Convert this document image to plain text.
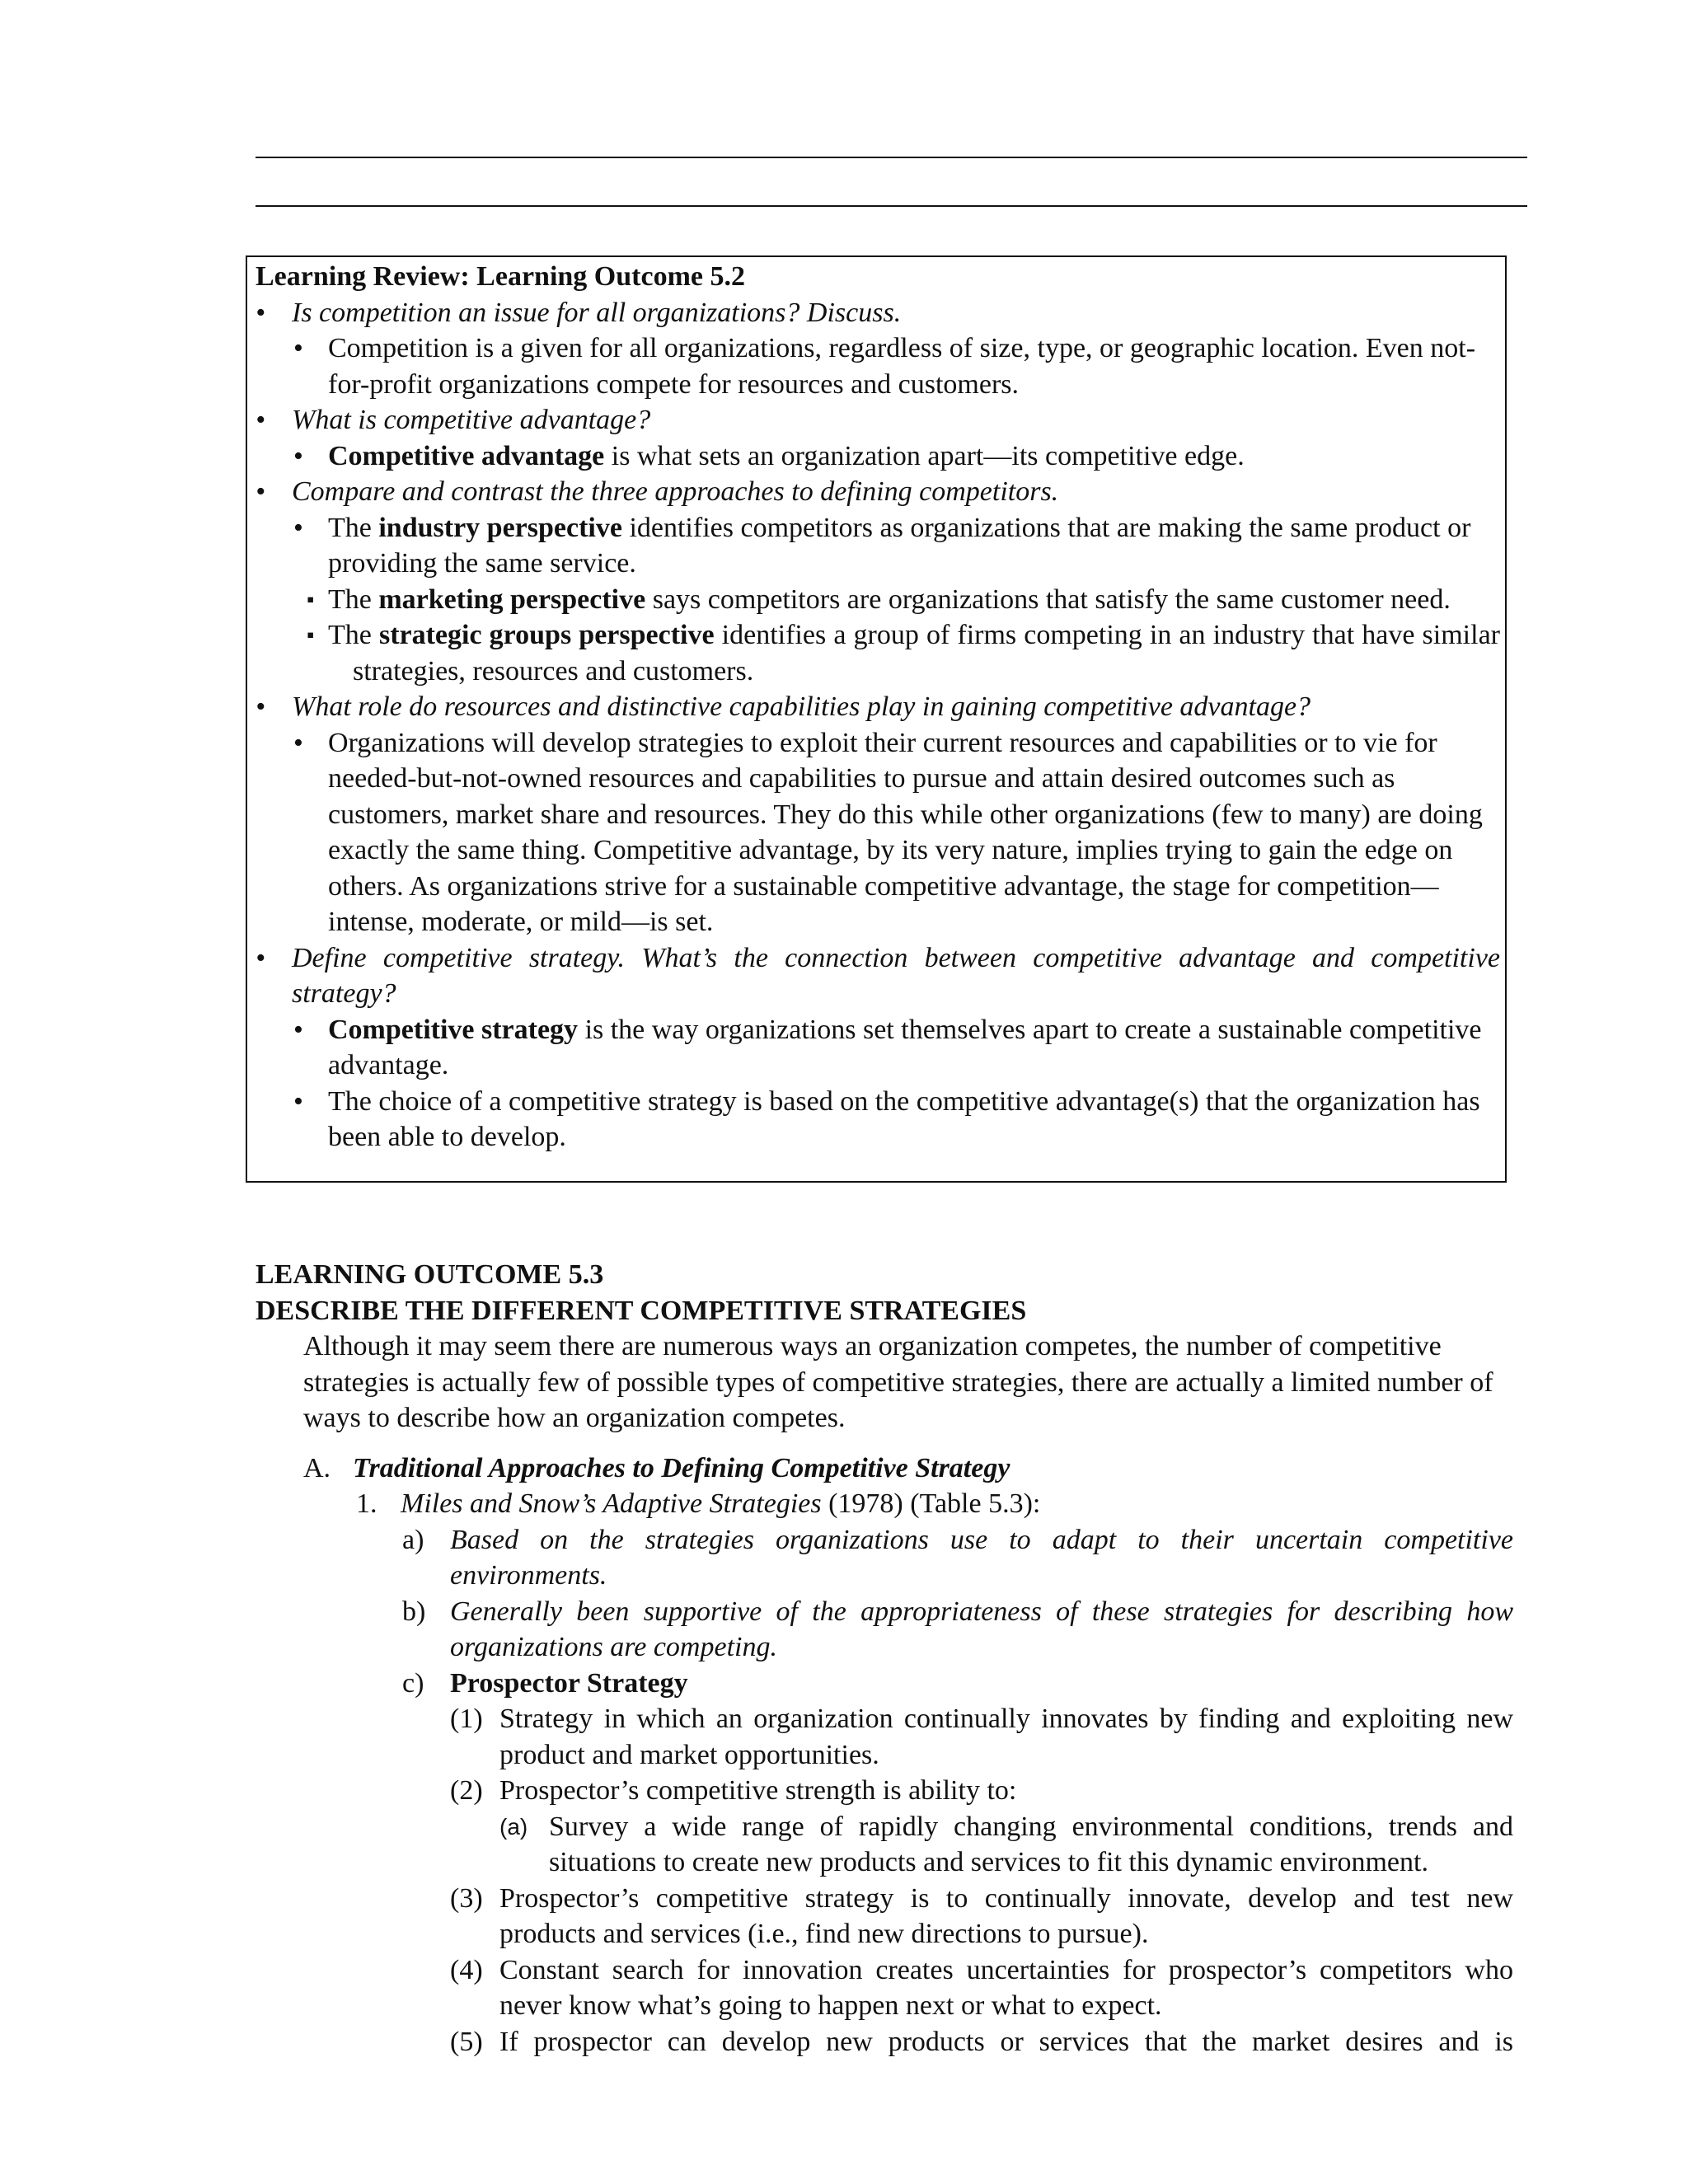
Learning Review: Learning Outcome 5.2
• Is competition an issue for all organizations? Discuss.
• Competition is a given for all organizations, regardless of size, type, or geographic location. Even not-for-profit organizations compete for resources and customers.
• What is competitive advantage?
• Competitive advantage is what sets an organization apart—its competitive edge.
• Compare and contrast the three approaches to defining competitors.
• The industry perspective identifies competitors as organizations that are making the same product or providing the same service.
▪ The marketing perspective says competitors are organizations that satisfy the same customer need.
▪ The strategic groups perspective identifies a group of firms competing in an industry that have similar strategies, resources and customers.
• What role do resources and distinctive capabilities play in gaining competitive advantage?
• Organizations will develop strategies to exploit their current resources and capabilities or to vie for needed-but-not-owned resources and capabilities to pursue and attain desired outcomes such as customers, market share and resources. They do this while other organizations (few to many) are doing exactly the same thing. Competitive advantage, by its very nature, implies trying to gain the edge on others. As organizations strive for a sustainable competitive advantage, the stage for competition—intense, moderate, or mild—is set.
• Define competitive strategy. What’s the connection between competitive advantage and competitive strategy?
• Competitive strategy is the way organizations set themselves apart to create a sustainable competitive advantage.
• The choice of a competitive strategy is based on the competitive advantage(s) that the organization has been able to develop.
LEARNING OUTCOME 5.3
DESCRIBE THE DIFFERENT COMPETITIVE STRATEGIES
Although it may seem there are numerous ways an organization competes, the number of competitive strategies is actually few of possible types of competitive strategies, there are actually a limited number of ways to describe how an organization competes.
A. Traditional Approaches to Defining Competitive Strategy
1. Miles and Snow’s Adaptive Strategies (1978) (Table 5.3):
a) Based on the strategies organizations use to adapt to their uncertain competitive environments.
b) Generally been supportive of the appropriateness of these strategies for describing how organizations are competing.
c) Prospector Strategy
(1) Strategy in which an organization continually innovates by finding and exploiting new product and market opportunities.
(2) Prospector’s competitive strength is ability to:
(a) Survey a wide range of rapidly changing environmental conditions, trends and situations to create new products and services to fit this dynamic environment.
(3) Prospector’s competitive strategy is to continually innovate, develop and test new products and services (i.e., find new directions to pursue).
(4) Constant search for innovation creates uncertainties for prospector’s competitors who never know what’s going to happen next or what to expect.
(5) If prospector can develop new products or services that the market desires and is
